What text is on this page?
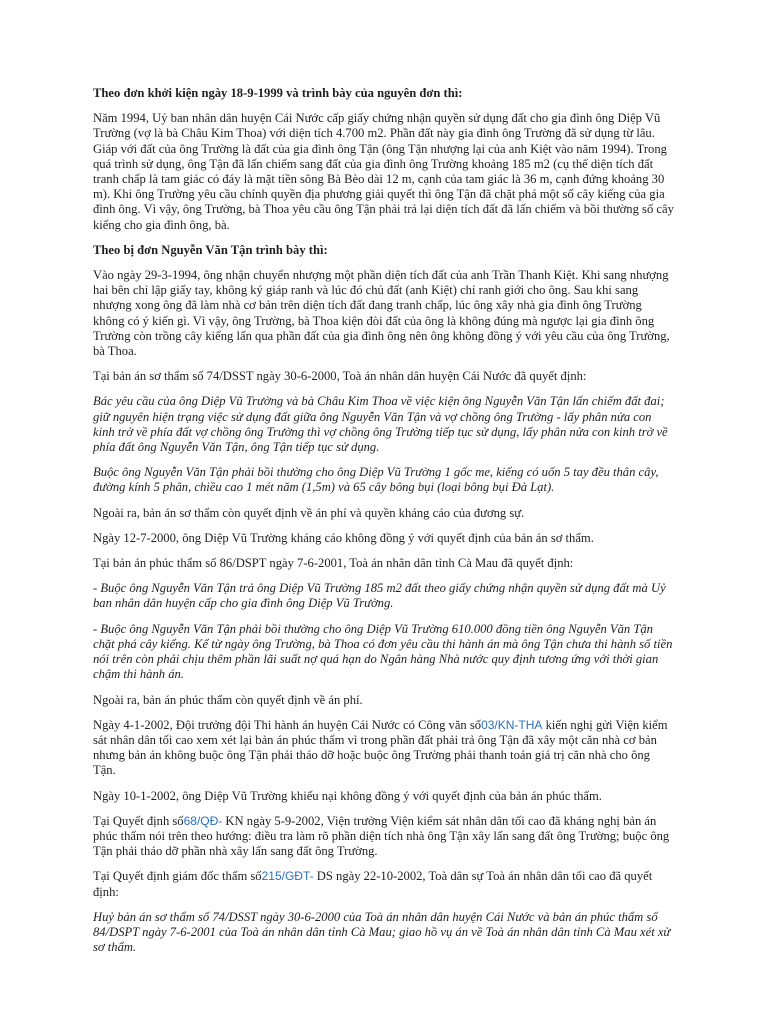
Theo đơn khởi kiện ngày 18-9-1999 và trình bày của nguyên đơn thì:

Năm 1994, Uỷ ban nhân dân huyện Cái Nước cấp giấy chứng nhận quyền sử dụng đất cho gia đình ông Diệp Vũ Trường (vợ là bà Châu Kim Thoa) với diện tích 4.700 m2. Phần đất này gia đình ông Trường đã sử dụng từ lâu. Giáp với đất của ông Trường là đất của gia đình ông Tận (ông Tận nhượng lại của anh Kiệt vào năm 1994). Trong quá trình sử dụng, ông Tận đã lấn chiếm sang đất của gia đình ông Trường khoảng 185 m2 (cụ thể diện tích đất tranh chấp là tam giác có đáy là mặt tiền sông Bà Bèo dài 12 m, cạnh của tam giác là 36 m, cạnh đứng khoảng 30 m). Khi ông Trường yêu cầu chính quyền địa phương giải quyết thì ông Tận đã chặt phá một số cây kiểng của gia đình ông. Vì vậy, ông Trường, bà Thoa yêu cầu ông Tận phải trả lại diện tích đất đã lấn chiếm và bồi thường số cây kiểng cho gia đình ông, bà.

Theo bị đơn Nguyễn Văn Tận trình bày thì:

Vào ngày 29-3-1994, ông nhận chuyển nhượng một phần diện tích đất của anh Trần Thanh Kiệt. Khi sang nhượng hai bên chỉ lập giấy tay, không ký giáp ranh và lúc đó chủ đất (anh Kiệt) chỉ ranh giới cho ông. Sau khi sang nhượng xong ông đã làm nhà cơ bản trên diện tích đất đang tranh chấp, lúc ông xây nhà gia đình ông Trường không có ý kiến gì. Vì vậy, ông Trường, bà Thoa kiện đòi đất của ông là không đúng mà ngược lại gia đình ông Trường còn trồng cây kiểng lấn qua phần đất của gia đình ông nên ông không đồng ý với yêu cầu của ông Trường, bà Thoa.

Tại bản án sơ thẩm số 74/DSST ngày 30-6-2000, Toà án nhân dân huyện Cái Nước đã quyết định:

Bác yêu cầu của ông Diệp Vũ Trường và bà Châu Kim Thoa về việc kiện ông Nguyễn Văn Tận lấn chiếm đất đai; giữ nguyên hiện trạng việc sử dụng đất giữa ông Nguyễn Văn Tận và vợ chồng ông Trường - lấy phân nửa con kinh trở về phía đất vợ chồng ông Trường thì vợ chồng ông Trường tiếp tục sử dụng, lấy phân nửa con kinh trở về phía đất ông Nguyễn Văn Tận, ông Tận tiếp tục sử dụng.

Buộc ông Nguyễn Văn Tận phải bồi thường cho ông Diệp Vũ Trường 1 gốc me, kiểng có uốn 5 tay đều thân cây, đường kính 5 phân, chiều cao 1 mét năm (1,5m) và 65 cây bông bụi (loại bông bụi Đà Lạt).

Ngoài ra, bản án sơ thẩm còn quyết định về án phí và quyền kháng cáo của đương sự.

Ngày 12-7-2000, ông Diệp Vũ Trường kháng cáo không đồng ý với quyết định của bản án sơ thẩm.

Tại bản án phúc thẩm số 86/DSPT ngày 7-6-2001, Toà án nhân dân tỉnh Cà Mau đã quyết định:

- Buộc ông Nguyễn Văn Tận trả ông Diệp Vũ Trường 185 m2 đất theo giấy chứng nhận quyền sử dụng đất mà Uỷ ban nhân dân huyện cấp cho gia đình ông Diệp Vũ Trường.

- Buộc ông Nguyễn Văn Tận phải bồi thường cho ông Diệp Vũ Trường 610.000 đồng tiền ông Nguyễn Văn Tận chặt phá cây kiểng. Kể từ ngày ông Trường, bà Thoa có đơn yêu cầu thi hành án mà ông Tận chưa thi hành số tiền nói trên còn phải chịu thêm phần lãi suất nợ quá hạn do Ngân hàng Nhà nước quy định tương ứng với thời gian chậm thi hành án.

Ngoài ra, bản án phúc thẩm còn quyết định về án phí.

Ngày 4-1-2002, Đội trưởng đội Thi hành án huyện Cái Nước có Công văn số03/KN-THA kiến nghị gửi Viện kiểm sát nhân dân tối cao xem xét lại bản án phúc thẩm vì trong phần đất phải trả ông Tận đã xây một căn nhà cơ bản nhưng bản án không buộc ông Tận phải tháo dỡ hoặc buộc ông Trường phải thanh toán giá trị căn nhà cho ông Tận.

Ngày 10-1-2002, ông Diệp Vũ Trường khiếu nại không đồng ý với quyết định của bản án phúc thẩm.

Tại Quyết định số68/QĐ- KN ngày 5-9-2002, Viện trưởng Viện kiểm sát nhân dân tối cao đã kháng nghị bản án phúc thẩm nói trên theo hướng: điều tra làm rõ phần diện tích nhà ông Tận xây lấn sang đất ông Trường; buộc ông Tận phải tháo dỡ phần nhà xây lấn sang đất ông Trường.

Tại Quyết định giám đốc thẩm số215/GĐT- DS ngày 22-10-2002, Toà dân sự Toà án nhân dân tối cao đã quyết định:

Huỷ bản án sơ thẩm số 74/DSST ngày 30-6-2000 của Toà án nhân dân huyện Cái Nước và bản án phúc thẩm số 84/DSPT ngày 7-6-2001 của Toà án nhân dân tỉnh Cà Mau; giao hồ vụ án về Toà án nhân dân tỉnh Cà Mau xét xử sơ thẩm.
